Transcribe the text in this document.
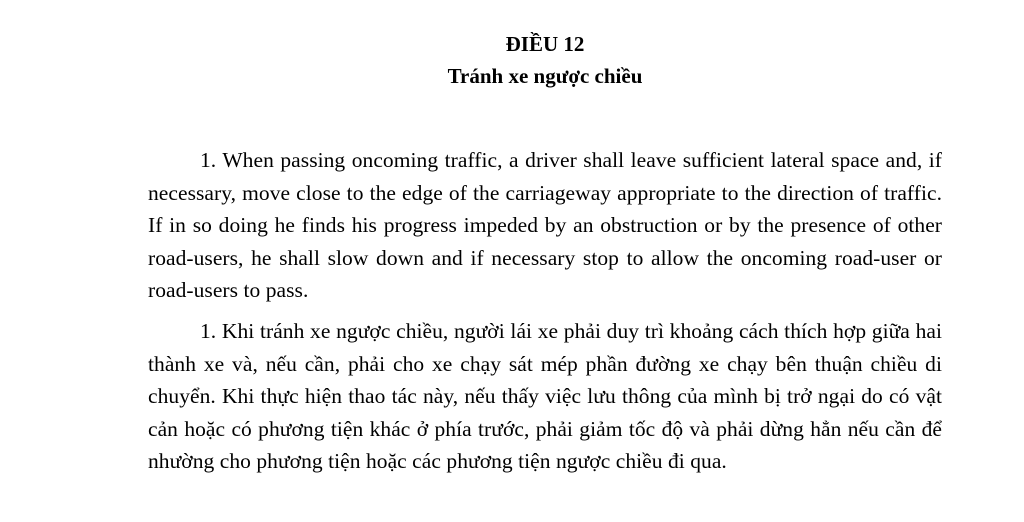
ĐIỀU 12
Tránh xe ngược chiều

1. When passing oncoming traffic, a driver shall leave sufficient lateral space and, if necessary, move close to the edge of the carriageway appropriate to the direction of traffic. If in so doing he finds his progress impeded by an obstruction or by the presence of other road-users, he shall slow down and if necessary stop to allow the oncoming road-user or road-users to pass.

1. Khi tránh xe ngược chiều, người lái xe phải duy trì khoảng cách thích hợp giữa hai thành xe và, nếu cần, phải cho xe chạy sát mép phần đường xe chạy bên thuận chiều di chuyển. Khi thực hiện thao tác này, nếu thấy việc lưu thông của mình bị trở ngại do có vật cản hoặc có phương tiện khác ở phía trước, phải giảm tốc độ và phải dừng hẳn nếu cần để nhường cho phương tiện hoặc các phương tiện ngược chiều đi qua.
